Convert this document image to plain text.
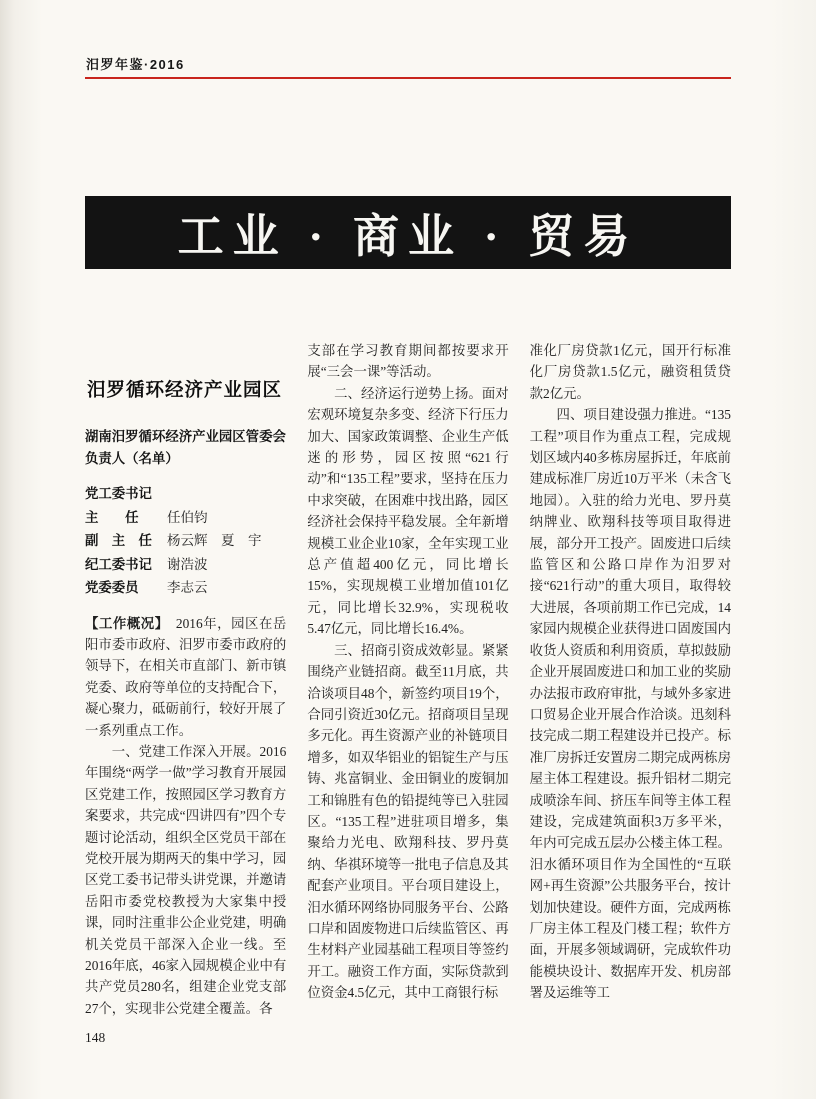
汨罗年鉴·2016
工业 · 商业 · 贸易
汨罗循环经济产业园区
湖南汨罗循环经济产业园区管委会
负责人（名单）
党工委书记
主　　任	任伯钧
副　主　任	杨云辉　夏　宇
纪工委书记	谢浩波
党委委员	李志云

【工作概况】　2016年，园区在岳阳市委市政府、汨罗市委市政府的领导下，在相关市直部门、新市镇党委、政府等单位的支持配合下，凝心聚力，砥砺前行，较好开展了一系列重点工作。

一、党建工作深入开展。2016年围绕“两学一做”学习教育开展园区党建工作，按照园区学习教育方案要求，共完成“四讲四有”四个专题讨论活动，组织全区党员干部在党校开展为期两天的集中学习，园区党工委书记带头讲党课，并邀请岳阳市委党校教授为大家集中授课，同时注重非公企业党建，明确机关党员干部深入企业一线。至2016年底，46家入园规模企业中有共产党员280名，组建企业党支部27个，实现非公党建全覆盖。各

支部在学习教育期间都按要求开展“三会一课”等活动。

二、经济运行逆势上扬。面对宏观环境复杂多变、经济下行压力加大、国家政策调整、企业生产低迷的形势，园区按照“621行动”和“135工程”要求，坚持在压力中求突破，在困难中找出路，园区经济社会保持平稳发展。全年新增规模工业企业10家，全年实现工业总产值超400亿元，同比增长15%，实现规模工业增加值101亿元，同比增长32.9%，实现税收5.47亿元，同比增长16.4%。

三、招商引资成效彰显。紧紧围绕产业链招商。截至11月底，共洽谈项目48个，新签约项目19个，合同引资近30亿元。招商项目呈现多元化。再生资源产业的补链项目增多，如双华铝业的铝锭生产与压铸、兆富铜业、金田铜业的废铜加工和锦胜有色的铅提纯等已入驻园区。“135工程”进驻项目增多，集聚给力光电、欧翔科技、罗丹莫纳、华祺环境等一批电子信息及其配套产业项目。平台项目建设上，汨水循环网络协同服务平台、公路口岸和固废物进口后续监管区、再生材料产业园基础工程项目等签约开工。融资工作方面，实际贷款到位资金4.5亿元，其中工商银行标

准化厂房贷款1亿元，国开行标准化厂房贷款1.5亿元，融资租赁贷款2亿元。

四、项目建设强力推进。“135工程”项目作为重点工程，完成规划区域内40多栋房屋拆迁，年底前建成标准厂房近10万平米（未含飞地园）。入驻的给力光电、罗丹莫纳牌业、欧翔科技等项目取得进展，部分开工投产。固废进口后续监管区和公路口岸作为汨罗对接“621行动”的重大项目，取得较大进展，各项前期工作已完成，14家园内规模企业获得进口固废国内收货人资质和利用资质，草拟鼓励企业开展固废进口和加工业的奖励办法报市政府审批，与域外多家进口贸易企业开展合作洽谈。迅刻科技完成二期工程建设并已投产。标准厂房拆迁安置房二期完成两栋房屋主体工程建设。振升铝材二期完成喷涂车间、挤压车间等主体工程建设，完成建筑面积3万多平米，年内可完成五层办公楼主体工程。汨水循环项目作为全国性的“互联网+再生资源”公共服务平台，按计划加快建设。硬件方面，完成两栋厂房主体工程及门楼工程；软件方面，开展多领域调研，完成软件功能模块设计、数据库开发、机房部署及运维等工

148
